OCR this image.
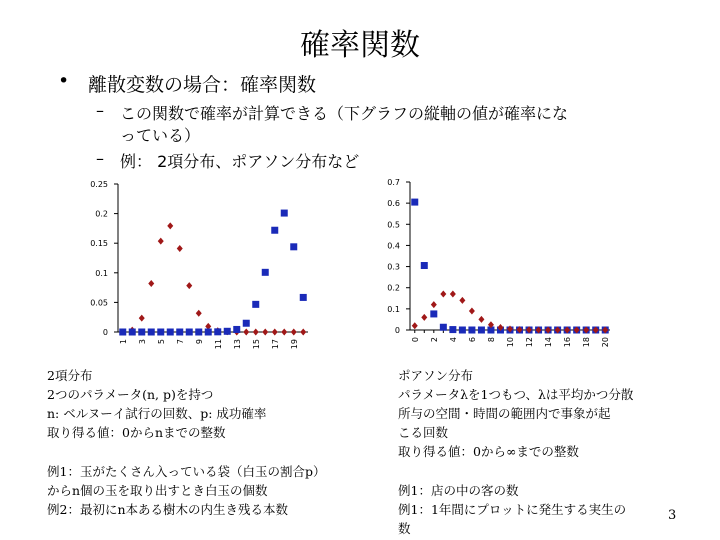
確率関数
• 離散変数の場合：確率関数
– この関数で確率が計算できる（下グラフの縦軸の値が確率にな
っている）
– 例： 2項分布、ポアソン分布など
0
0.05
0.1
0.15
0.2
0.25
1 3 5 7 9 11 13 15 17 19
0
0.1
0.2
0.3
0.4
0.5
0.6
0.7
0 2 4 6 8 10 12 14 16 18 20
2項分布
2つのパラメータ(n, p)を持つ
n: ベルヌーイ試行の回数、p: 成功確率
取り得る値：0からnまでの整数
例1：玉がたくさん入っている袋（白玉の割合p）
からn個の玉を取り出すとき白玉の個数
例2：最初にn本ある樹木の内生き残る本数
ポアソン分布
パラメータλを1つもつ、λは平均かつ分散
所与の空間・時間の範囲内で事象が起
こる回数
取り得る値：0から∞までの整数
例1：店の中の客の数
例1：1年間にプロットに発生する実生の
数
3
